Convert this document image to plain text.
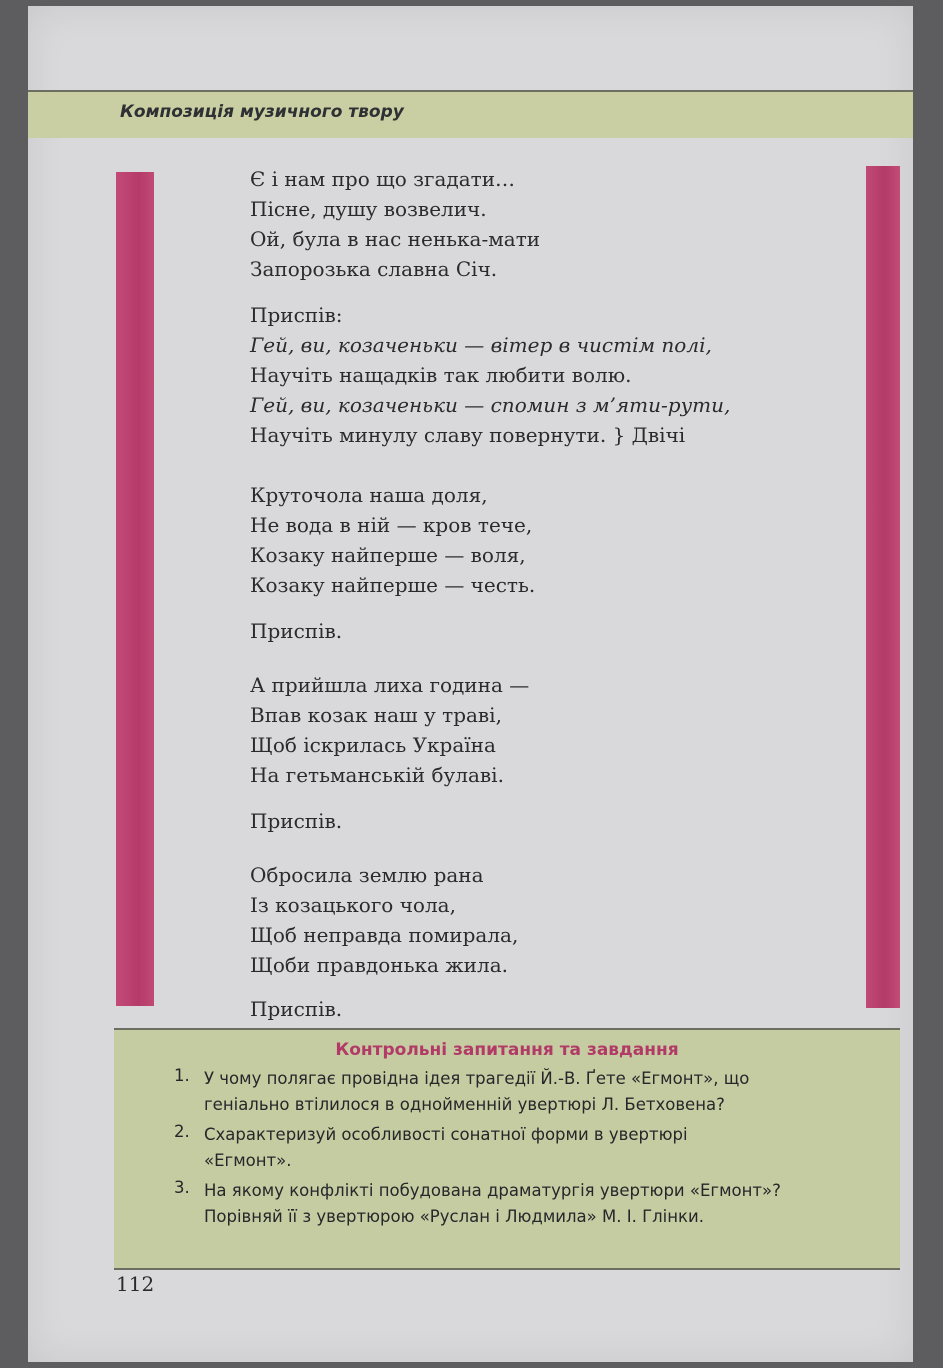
Композиція музичного твору
Є і нам про що згадати…
Пісне, душу возвелич.
Ой, була в нас ненька-мати
Запорозька славна Січ.
Приспів:
Гей, ви, козаченьки — вітер в чистім полі,
Научіть нащадків так любити волю.
Гей, ви, козаченьки — спомин з м’яти-рути,
Научіть минулу славу повернути. } Двічі
Круточола наша доля,
Не вода в ній — кров тече,
Козаку найперше — воля,
Козаку найперше — честь.
Приспів.
А прийшла лиха година —
Впав козак наш у траві,
Щоб іскрилась Україна
На гетьманській булаві.
Приспів.
Обросила землю рана
Із козацького чола,
Щоб неправда помирала,
Щоби правдонька жила.
Приспів.
Контрольні запитання та завдання
1. У чому полягає провідна ідея трагедії Й.-В. Ґете «Егмонт», що
геніально втілилося в однойменній увертюрі Л. Бетховена?
2. Схарактеризуй особливості сонатної форми в увертюрі
«Егмонт».
3. На якому конфлікті побудована драматургія увертюри «Егмонт»?
Порівняй її з увертюрою «Руслан і Людмила» М. І. Глінки.
112
